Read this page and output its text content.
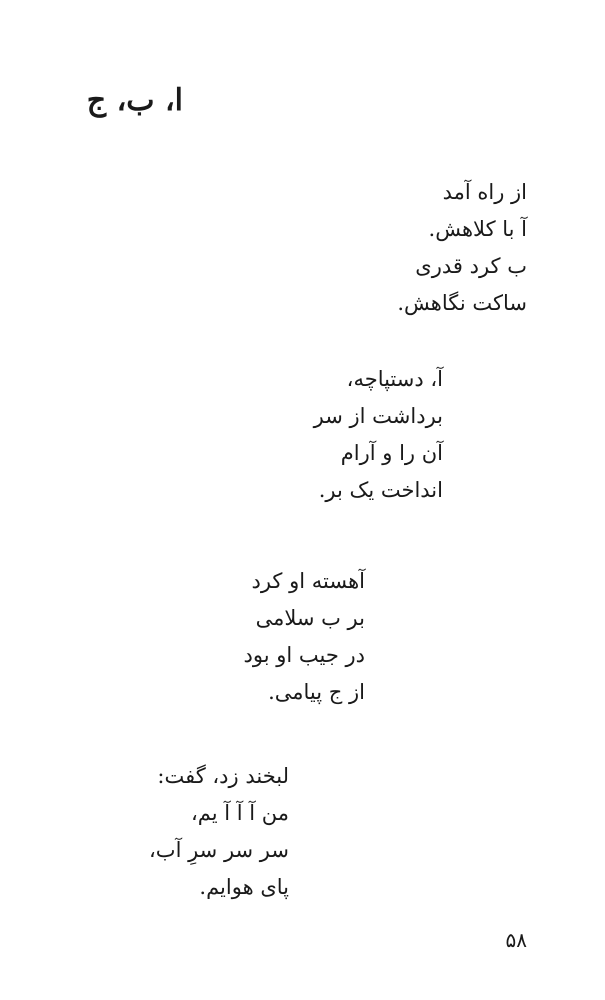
ا، ب، ج
از راه آمد
آ با کلاهش.
ب کرد قدری
ساکت نگاهش.
آ، دستپاچه،
برداشت از سر
آن را و آرام
انداخت یک بر.
آهسته او کرد
بر ب سلامی
در جیب او بود
از ج پیامی.
لبخند زد، گفت:
من آ آ آ یم،
سر سر سرِ آب،
پای هوایم.
۵۸
